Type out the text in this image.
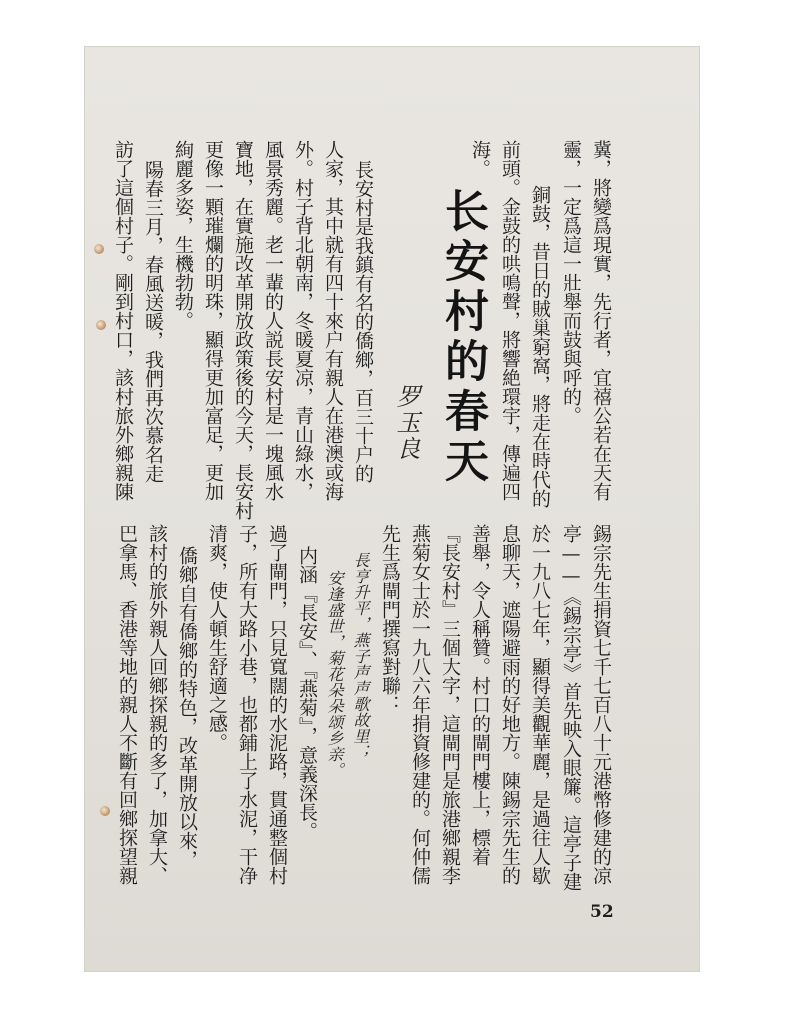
长安村的春天
罗玉良	冀，將變爲現實，先行者，宜禧公若在天有
靈，一定爲這一壯舉而鼓與呼的。
銅鼓，昔日的賊巢窮窩，將走在時代的
前頭。金鼓的哄鳴聲，將響絶環宇，傳遍四
海。
長安村是我鎮有名的僑鄉，百三十户的
人家，其中就有四十來户有親人在港澳或海
外。村子背北朝南，冬暖夏凉，青山綠水，
風景秀麗。老一輩的人説長安村是一塊風水
寶地，在實施改革開放政策後的今天，長安村
更像一顆璀爛的明珠，顯得更加富足，更加
絢麗多姿，生機勃勃。
陽春三月，春風送暖，我們再次慕名走
訪了這個村子。剛到村口，該村旅外鄉親陳
錫宗先生捐資七千七百八十元港幣修建的凉
亭——《錫宗亭》首先映入眼簾。這亭子建
於一九八七年，顯得美觀華麗，是過往人歇
息聊天，遮陽避雨的好地方。陳錫宗先生的
善舉，令人稱贊。村口的閘門樓上，標着
『長安村』三個大字，這閘門是旅港鄉親李
燕菊女士於一九八六年捐資修建的。何仲儒
先生爲閘門撰寫對聯：
長亨升平，燕子声声歌故里；
安逢盛世，菊花朵朵颂乡亲。
内涵『長安』、『燕菊』，意義深長。
過了閘門，只見寬闊的水泥路，貫通整個村
子，所有大路小巷，也都鋪上了水泥，干净
清爽，使人頓生舒適之感。
僑鄉自有僑鄉的特色，改革開放以來，
該村的旅外親人回鄉探親的多了，加拿大、
巴拿馬、香港等地的親人不斷有回鄉探望親
52
